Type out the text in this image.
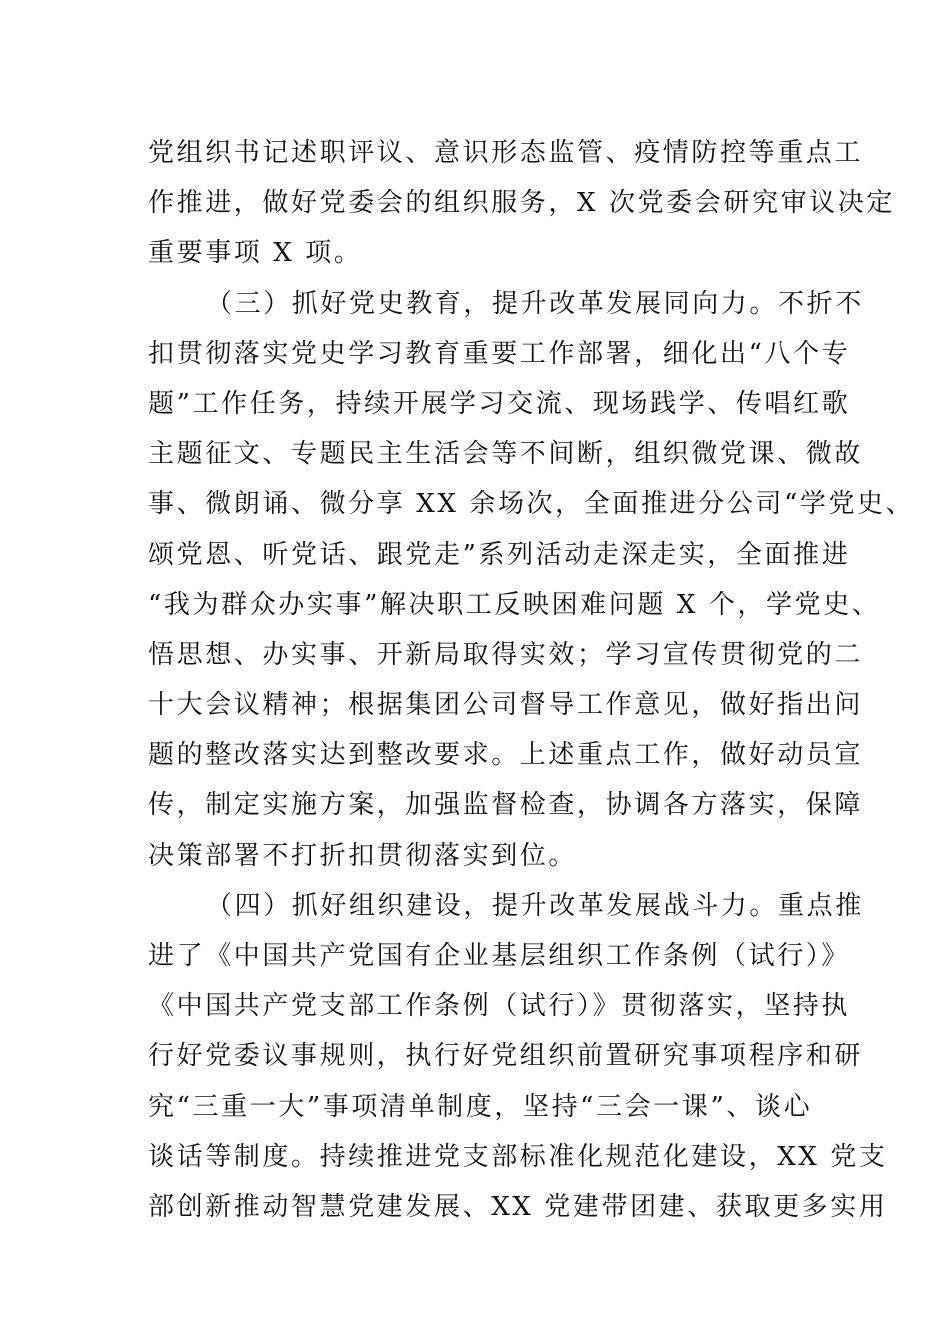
党组织书记述职评议、意识形态监管、疫情防控等重点工
作推进，做好党委会的组织服务，X 次党委会研究审议决定
重要事项 X 项。
（三）抓好党史教育，提升改革发展同向力。不折不
扣贯彻落实党史学习教育重要工作部署，细化出“八个专
题”工作任务，持续开展学习交流、现场践学、传唱红歌
主题征文、专题民主生活会等不间断，组织微党课、微故
事、微朗诵、微分享 XX 余场次，全面推进分公司“学党史、
颂党恩、听党话、跟党走”系列活动走深走实，全面推进
“我为群众办实事”解决职工反映困难问题 X 个，学党史、
悟思想、办实事、开新局取得实效；学习宣传贯彻党的二
十大会议精神；根据集团公司督导工作意见，做好指出问
题的整改落实达到整改要求。上述重点工作，做好动员宣
传，制定实施方案，加强监督检查，协调各方落实，保障
决策部署不打折扣贯彻落实到位。
（四）抓好组织建设，提升改革发展战斗力。重点推
进了《中国共产党国有企业基层组织工作条例（试行）》
《中国共产党支部工作条例（试行）》贯彻落实，坚持执
行好党委议事规则，执行好党组织前置研究事项程序和研
究“三重一大”事项清单制度，坚持“三会一课”、谈心
谈话等制度。持续推进党支部标准化规范化建设，XX 党支
部创新推动智慧党建发展、XX 党建带团建、获取更多实用
